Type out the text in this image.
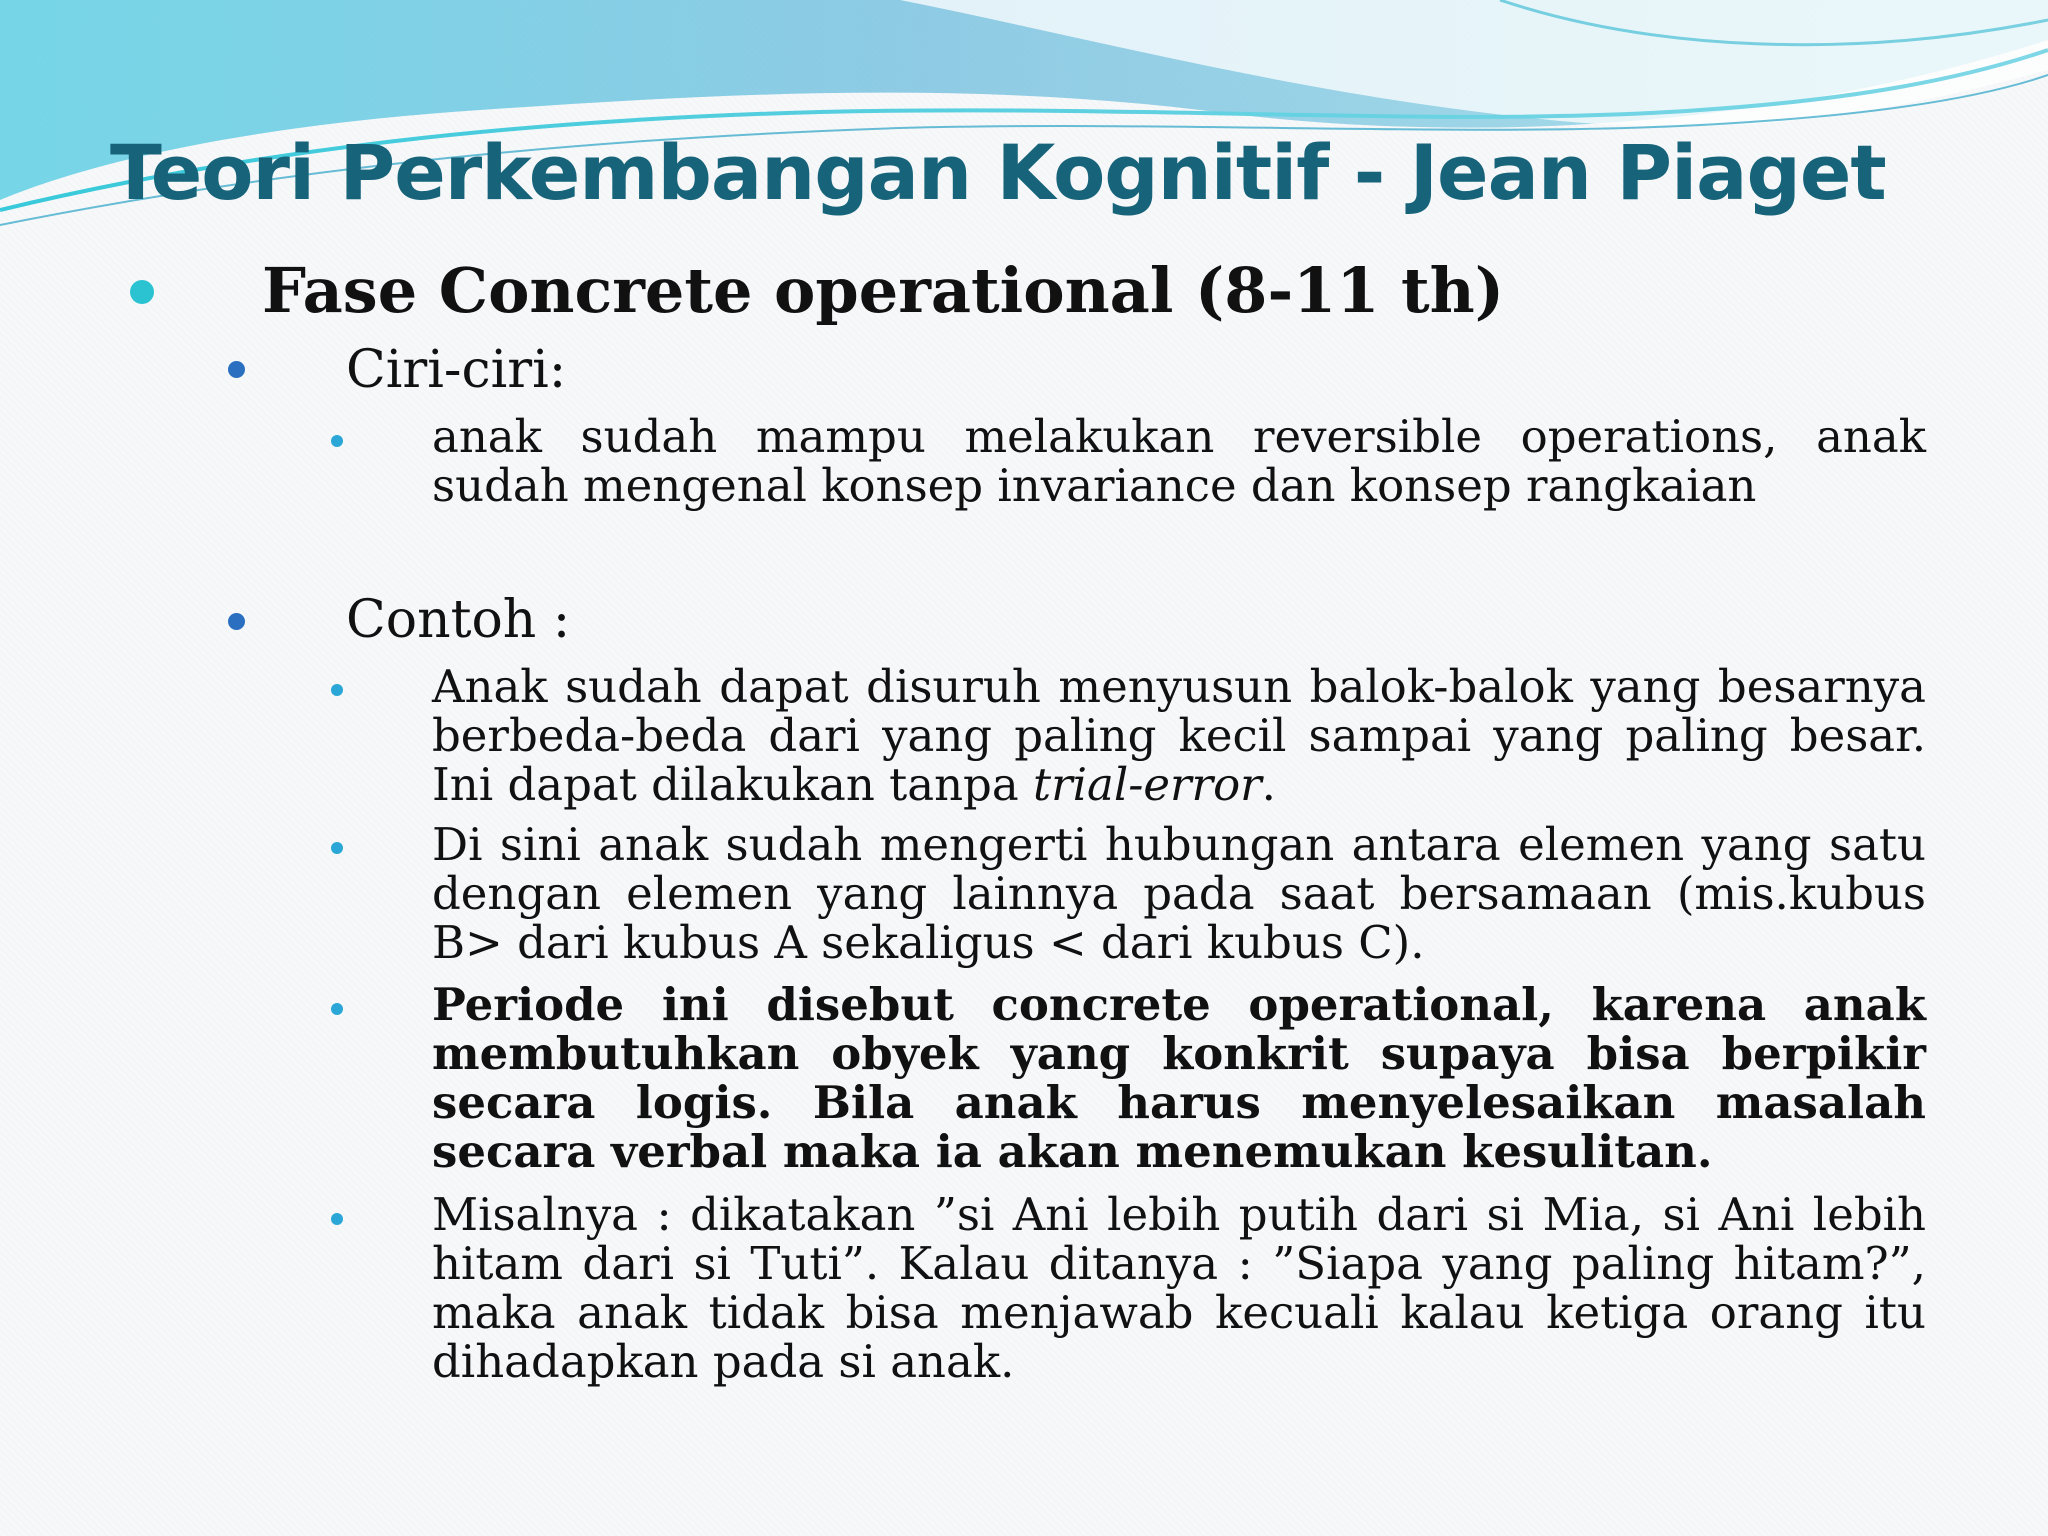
Teori Perkembangan Kognitif - Jean Piaget
Fase Concrete operational (8-11 th)
Ciri-ciri:

anak sudah mampu melakukan reversible operations, anak sudah mengenal konsep invariance dan konsep rangkaian

Contoh :

Anak sudah dapat disuruh menyusun balok-balok yang besarnya berbeda-beda dari yang paling kecil sampai yang paling besar. Ini dapat dilakukan tanpa trial-error.

Di sini anak sudah mengerti hubungan antara elemen yang satu dengan elemen yang lainnya pada saat bersamaan (mis.kubus B> dari kubus A sekaligus < dari kubus C).

Periode ini disebut concrete operational, karena anak membutuhkan obyek yang konkrit supaya bisa berpikir secara logis. Bila anak harus menyelesaikan masalah secara verbal maka ia akan menemukan kesulitan.

Misalnya : dikatakan ”si Ani lebih putih dari si Mia, si Ani lebih hitam dari si Tuti”. Kalau ditanya : ”Siapa yang paling hitam?”, maka anak tidak bisa menjawab kecuali kalau ketiga orang itu dihadapkan pada si anak.
